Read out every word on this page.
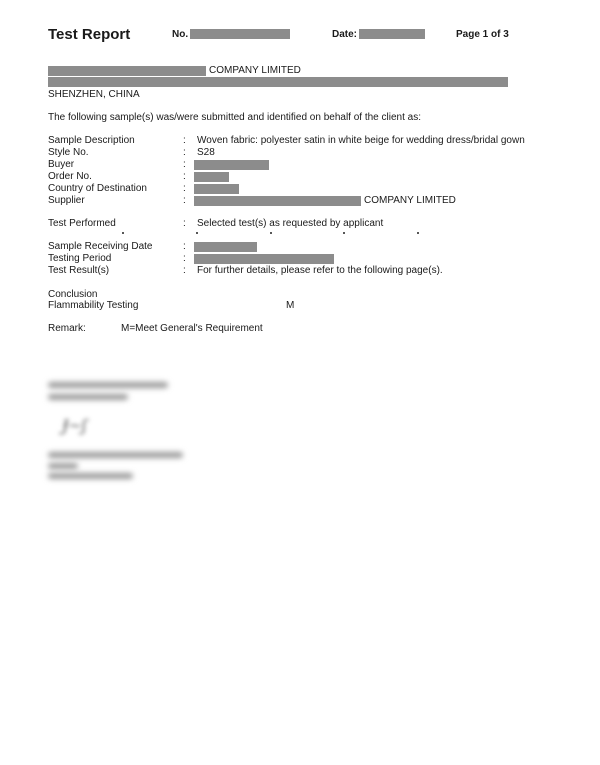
Test Report	No.	Date:	Page 1 of 3
COMPANY LIMITED
SHENZHEN, CHINA
The following sample(s) was/were submitted and identified on behalf of the client as:
Sample Description	: Woven fabric: polyester satin in white beige for wedding dress/bridal gown
Style No.	: S28
Buyer	:
Order No.	:
Country of Destination	:
Supplier	:	COMPANY LIMITED
Test Performed	: Selected test(s) as requested by applicant
Sample Receiving Date	:
Testing Period	:
Test Result(s)	: For further details, please refer to the following page(s).
Conclusion
Flammability Testing	M
Remark:	M=Meet General's Requirement
Ɉ~ʃ
